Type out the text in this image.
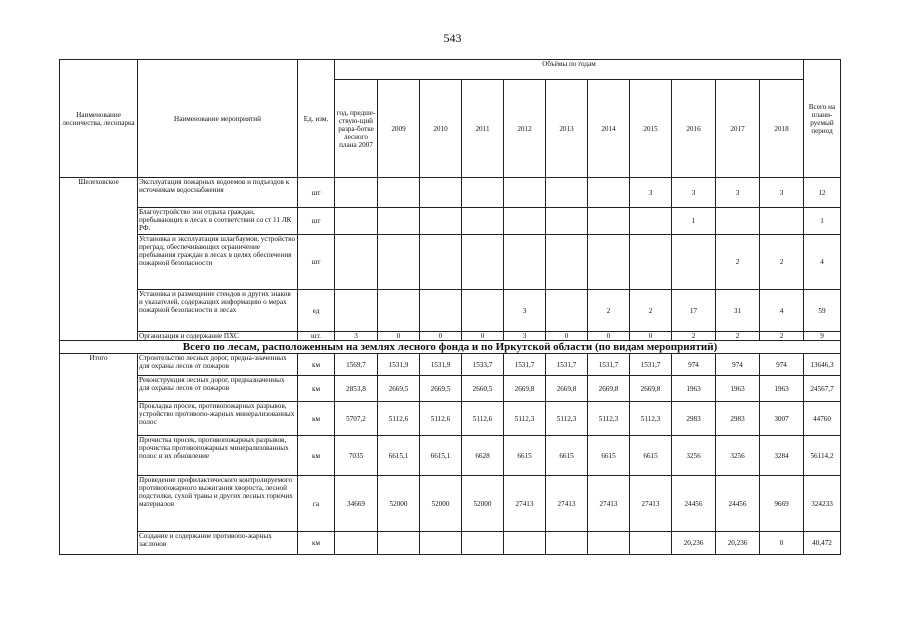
543
Наименование лесничества, лесопарка	Наименование мероприятий	Ед. изм.	Объёмы по годам											Всего на плани-руемый период
			год, предше-ствую-щий разра-ботке лесного плана 2007	2009	2010	2011	2012	2013	2014	2015	2016	2017	2018	
Шелеховское	Эксплуатация пожарных водоемов и подъездов к источникам водоснабжения	шт								3	3	3	3	12
	Благоустройство зон отдыха граждан, пребывающих в лесах в соответствии со ст 11 ЛК РФ.	шт									1			1
	Установка и эксплуатация шлагбаумов, устройство преград, обеспечивающих ограничение пребывания граждан в лесах в целях обеспечения пожарной безопасности	шт										2	2	4
	Установка и размещение стендов и других знаков и указателей, содержащих информацию о мерах пожарной безопасности в лесах	ед					3		2	2	17	31	4	59
	Организация и содержание ПХС	шт.	3	0	0	0	3	0	0	0	2	2	2	9
Всего по лесам, расположенным на землях лесного фонда и по Иркутской области (по видам мероприятий)														
Итого	Строительство лесных дорог, предна-значенных для охраны лесов от пожаров	км	1569,7	1531,9	1531,9	1533,7	1531,7	1531,7	1531,7	1531,7	974	974	974	13646,3
	Реконструкция лесных дорог, предназначенных для охраны лесов от пожаров	км	2853,8	2669,5	2669,5	2660,5	2669,8	2669,8	2669,8	2669,8	1963	1963	1963	24567,7
	Прокладка просек, противопожарных разрывов, устройство противопо-жарных минерализованных полос	км	5707,2	5112,6	5112,6	5112,6	5112,3	5112,3	5112,3	5112,3	2983	2983	3007	44760
	Прочистка просек, противопожарных разрывов, прочистка противопожарных минерализованных полос и их обновление	км	7035	6615,1	6615,1	6628	6615	6615	6615	6615	3256	3256	3284	56114,2
	Проведение профилактического контролируемого противопожарного выжигания хвороста, лесной подстилки, сухой травы и других лесных горючих материалов	га	34669	52000	52000	52000	27413	27413	27413	27413	24456	24456	9669	324233
	Создание и содержание противопо-жарных заслонов	км									20,236	20,236	0	40,472
